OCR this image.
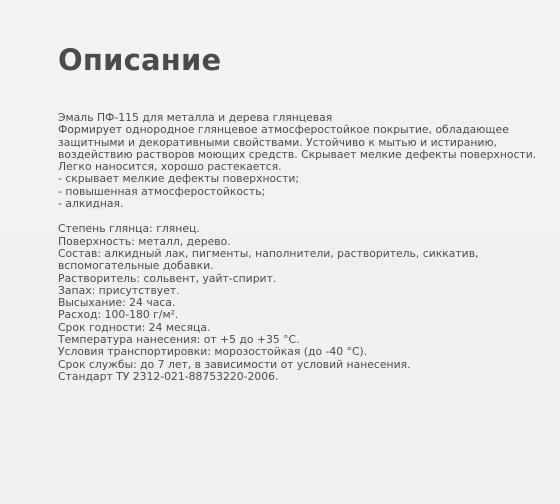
Описание
Эмаль ПФ-115 для металла и дерева глянцевая
Формирует однородное глянцевое атмосферостойкое покрытие, обладающее
защитными и декоративными свойствами. Устойчиво к мытью и истиранию,
воздействию растворов моющих средств. Скрывает мелкие дефекты поверхности.
Легко наносится, хорошо растекается.
- скрывает мелкие дефекты поверхности;
- повышенная атмосферостойкость;
- алкидная.
Степень глянца: глянец.
Поверхность: металл, дерево.
Состав: алкидный лак, пигменты, наполнители, растворитель, сиккатив,
вспомогательные добавки.
Растворитель: сольвент, уайт-спирит.
Запах: присутствует.
Высыхание: 24 часа.
Расход: 100-180 г/м².
Срок годности: 24 месяца.
Температура нанесения: от +5 до +35 °С.
Условия транспортировки: морозостойкая (до -40 °С).
Срок службы: до 7 лет, в зависимости от условий нанесения.
Стандарт ТУ 2312-021-88753220-2006.
